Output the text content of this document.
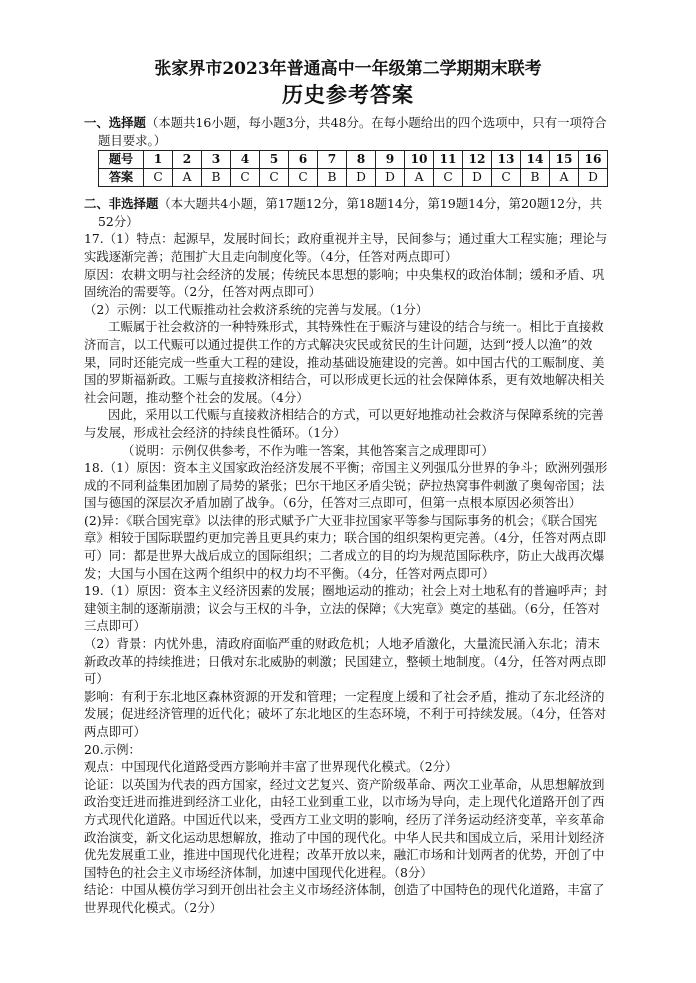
张家界市2023年普通高中一年级第二学期期末联考
历史参考答案

一、选择题（本题共16小题，每小题3分，共48分。在每小题给出的四个选项中，只有一项符合题目要求。）

题号	1	2	3	4	5	6	7	8	9	10	11	12	13	14	15	16
答案	C	A	B	C	C	C	B	D	D	A	C	D	C	B	A	D

二、非选择题（本大题共4小题，第17题12分，第18题14分，第19题14分，第20题12分，共52分）

17.（1）特点：起源早，发展时间长；政府重视并主导，民间参与；通过重大工程实施；理论与实践逐渐完善；范围扩大且走向制度化等。（4分，任答对两点即可）

原因：农耕文明与社会经济的发展；传统民本思想的影响；中央集权的政治体制；缓和矛盾、巩固统治的需要等。（2分，任答对两点即可）

（2）示例：以工代赈推动社会救济系统的完善与发展。（1分）

工赈属于社会救济的一种特殊形式，其特殊性在于赈济与建设的结合与统一。相比于直接救济而言，以工代赈可以通过提供工作的方式解决灾民或贫民的生计问题，达到“授人以渔”的效果，同时还能完成一些重大工程的建设，推动基础设施建设的完善。如中国古代的工赈制度、美国的罗斯福新政。工赈与直接救济相结合，可以形成更长远的社会保障体系，更有效地解决相关社会问题，推动整个社会的发展。（4分）

因此，采用以工代赈与直接救济相结合的方式，可以更好地推动社会救济与保障系统的完善与发展，形成社会经济的持续良性循环。（1分）

（说明：示例仅供参考，不作为唯一答案，其他答案言之成理即可）

18.（1）原因：资本主义国家政治经济发展不平衡；帝国主义列强瓜分世界的争斗；欧洲列强形成的不同利益集团加剧了局势的紧张；巴尔干地区矛盾尖锐；萨拉热窝事件刺激了奥匈帝国；法国与德国的深层次矛盾加剧了战争。（6分，任答对三点即可，但第一点根本原因必须答出）

(2)异：《联合国宪章》以法律的形式赋予广大亚非拉国家平等参与国际事务的机会；《联合国宪章》相较于国际联盟约更加完善且更具约束力；联合国的组织架构更完善。（4分，任答对两点即可）同：都是世界大战后成立的国际组织；二者成立的目的均为规范国际秩序，防止大战再次爆发；大国与小国在这两个组织中的权力均不平衡。（4分，任答对两点即可）

19.（1）原因：资本主义经济因素的发展；圈地运动的推动；社会上对土地私有的普遍呼声；封建领主制的逐渐崩溃；议会与王权的斗争，立法的保障；《大宪章》奠定的基础。（6分，任答对三点即可）

（2）背景：内忧外患，清政府面临严重的财政危机；人地矛盾激化，大量流民涌入东北；清末新政改革的持续推进；日俄对东北威胁的刺激；民国建立，整顿土地制度。（4分，任答对两点即可）

影响：有利于东北地区森林资源的开发和管理；一定程度上缓和了社会矛盾，推动了东北经济的发展；促进经济管理的近代化；破坏了东北地区的生态环境，不利于可持续发展。（4分，任答对两点即可）

20.示例：

观点：中国现代化道路受西方影响并丰富了世界现代化模式。（2分）

论证：以英国为代表的西方国家，经过文艺复兴、资产阶级革命、两次工业革命，从思想解放到政治变迁进而推进到经济工业化，由轻工业到重工业，以市场为导向，走上现代化道路开创了西方式现代化道路。中国近代以来，受西方工业文明的影响，经历了洋务运动经济变革，辛亥革命政治演变，新文化运动思想解放，推动了中国的现代化。中华人民共和国成立后，采用计划经济优先发展重工业，推进中国现代化进程；改革开放以来，融汇市场和计划两者的优势，开创了中国特色的社会主义市场经济体制，加速中国现代化进程。（8分）

结论：中国从模仿学习到开创出社会主义市场经济体制，创造了中国特色的现代化道路，丰富了世界现代化模式。（2分）
